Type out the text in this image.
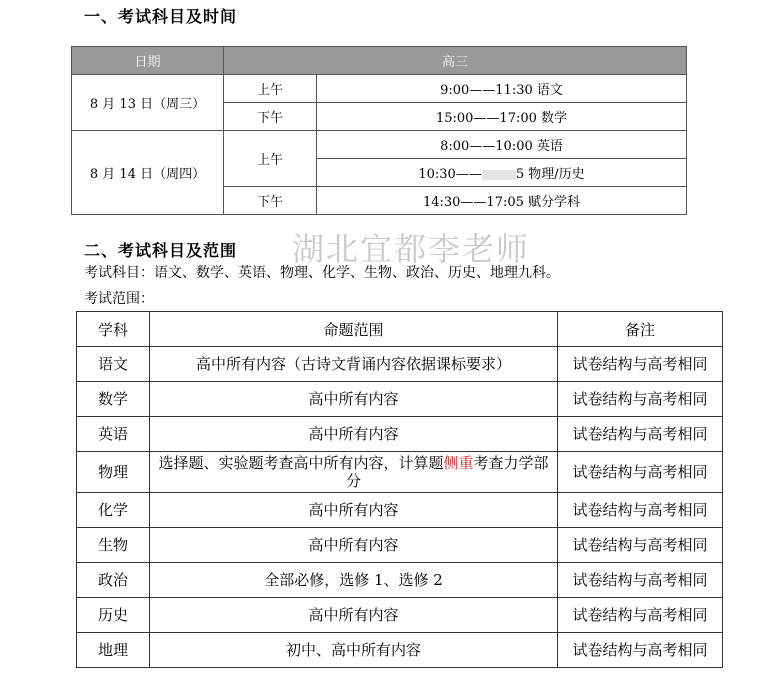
一、考试科目及时间
日期	高三	
8 月 13 日（周三）	上午	9:00——11:30 语文
	下午	15:00——17:00 数学
8 月 14 日（周四）	上午	8:00——10:00 英语
		10:30—— 5 物理/历史
	下午	14:30——17:05 赋分学科
湖北宜都李老师
二、考试科目及范围
考试科目：语文、数学、英语、物理、化学、生物、政治、历史、地理九科。
考试范围：
学科	命题范围	备注
语文	高中所有内容（古诗文背诵内容依据课标要求）	试卷结构与高考相同
数学	高中所有内容	试卷结构与高考相同
英语	高中所有内容	试卷结构与高考相同
物理	选择题、实验题考查高中所有内容，计算题侧重考查力学部分	试卷结构与高考相同
化学	高中所有内容	试卷结构与高考相同
生物	高中所有内容	试卷结构与高考相同
政治	全部必修，选修 1、选修 2	试卷结构与高考相同
历史	高中所有内容	试卷结构与高考相同
地理	初中、高中所有内容	试卷结构与高考相同
